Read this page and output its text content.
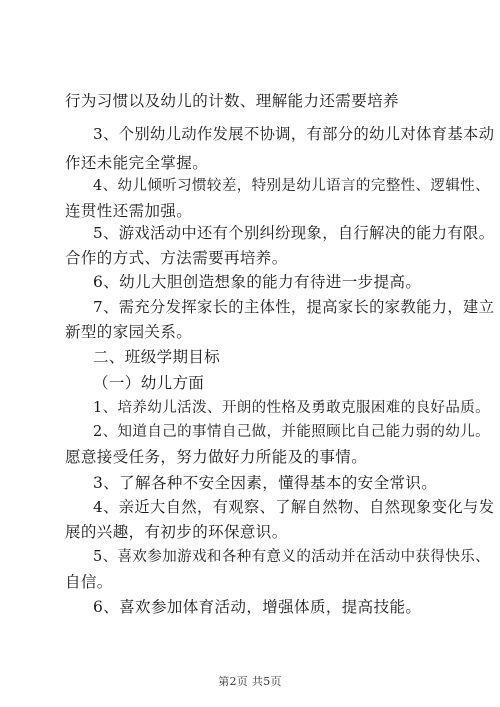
行为习惯以及幼儿的计数、理解能力还需要培养
3、个别幼儿动作发展不协调，有部分的幼儿对体育基本动
作还未能完全掌握。
4、幼儿倾听习惯较差，特别是幼儿语言的完整性、逻辑性、
连贯性还需加强。
5、游戏活动中还有个别纠纷现象，自行解决的能力有限。
合作的方式、方法需要再培养。
6、幼儿大胆创造想象的能力有待进一步提高。
7、需充分发挥家长的主体性，提高家长的家教能力，建立
新型的家园关系。
二、班级学期目标
（一）幼儿方面
1、培养幼儿活泼、开朗的性格及勇敢克服困难的良好品质。
2、知道自己的事情自己做，并能照顾比自己能力弱的幼儿。
愿意接受任务，努力做好力所能及的事情。
3、了解各种不安全因素，懂得基本的安全常识。
4、亲近大自然，有观察、了解自然物、自然现象变化与发
展的兴趣，有初步的环保意识。
5、喜欢参加游戏和各种有意义的活动并在活动中获得快乐、
自信。
6、喜欢参加体育活动，增强体质，提高技能。
第2页 共5页
